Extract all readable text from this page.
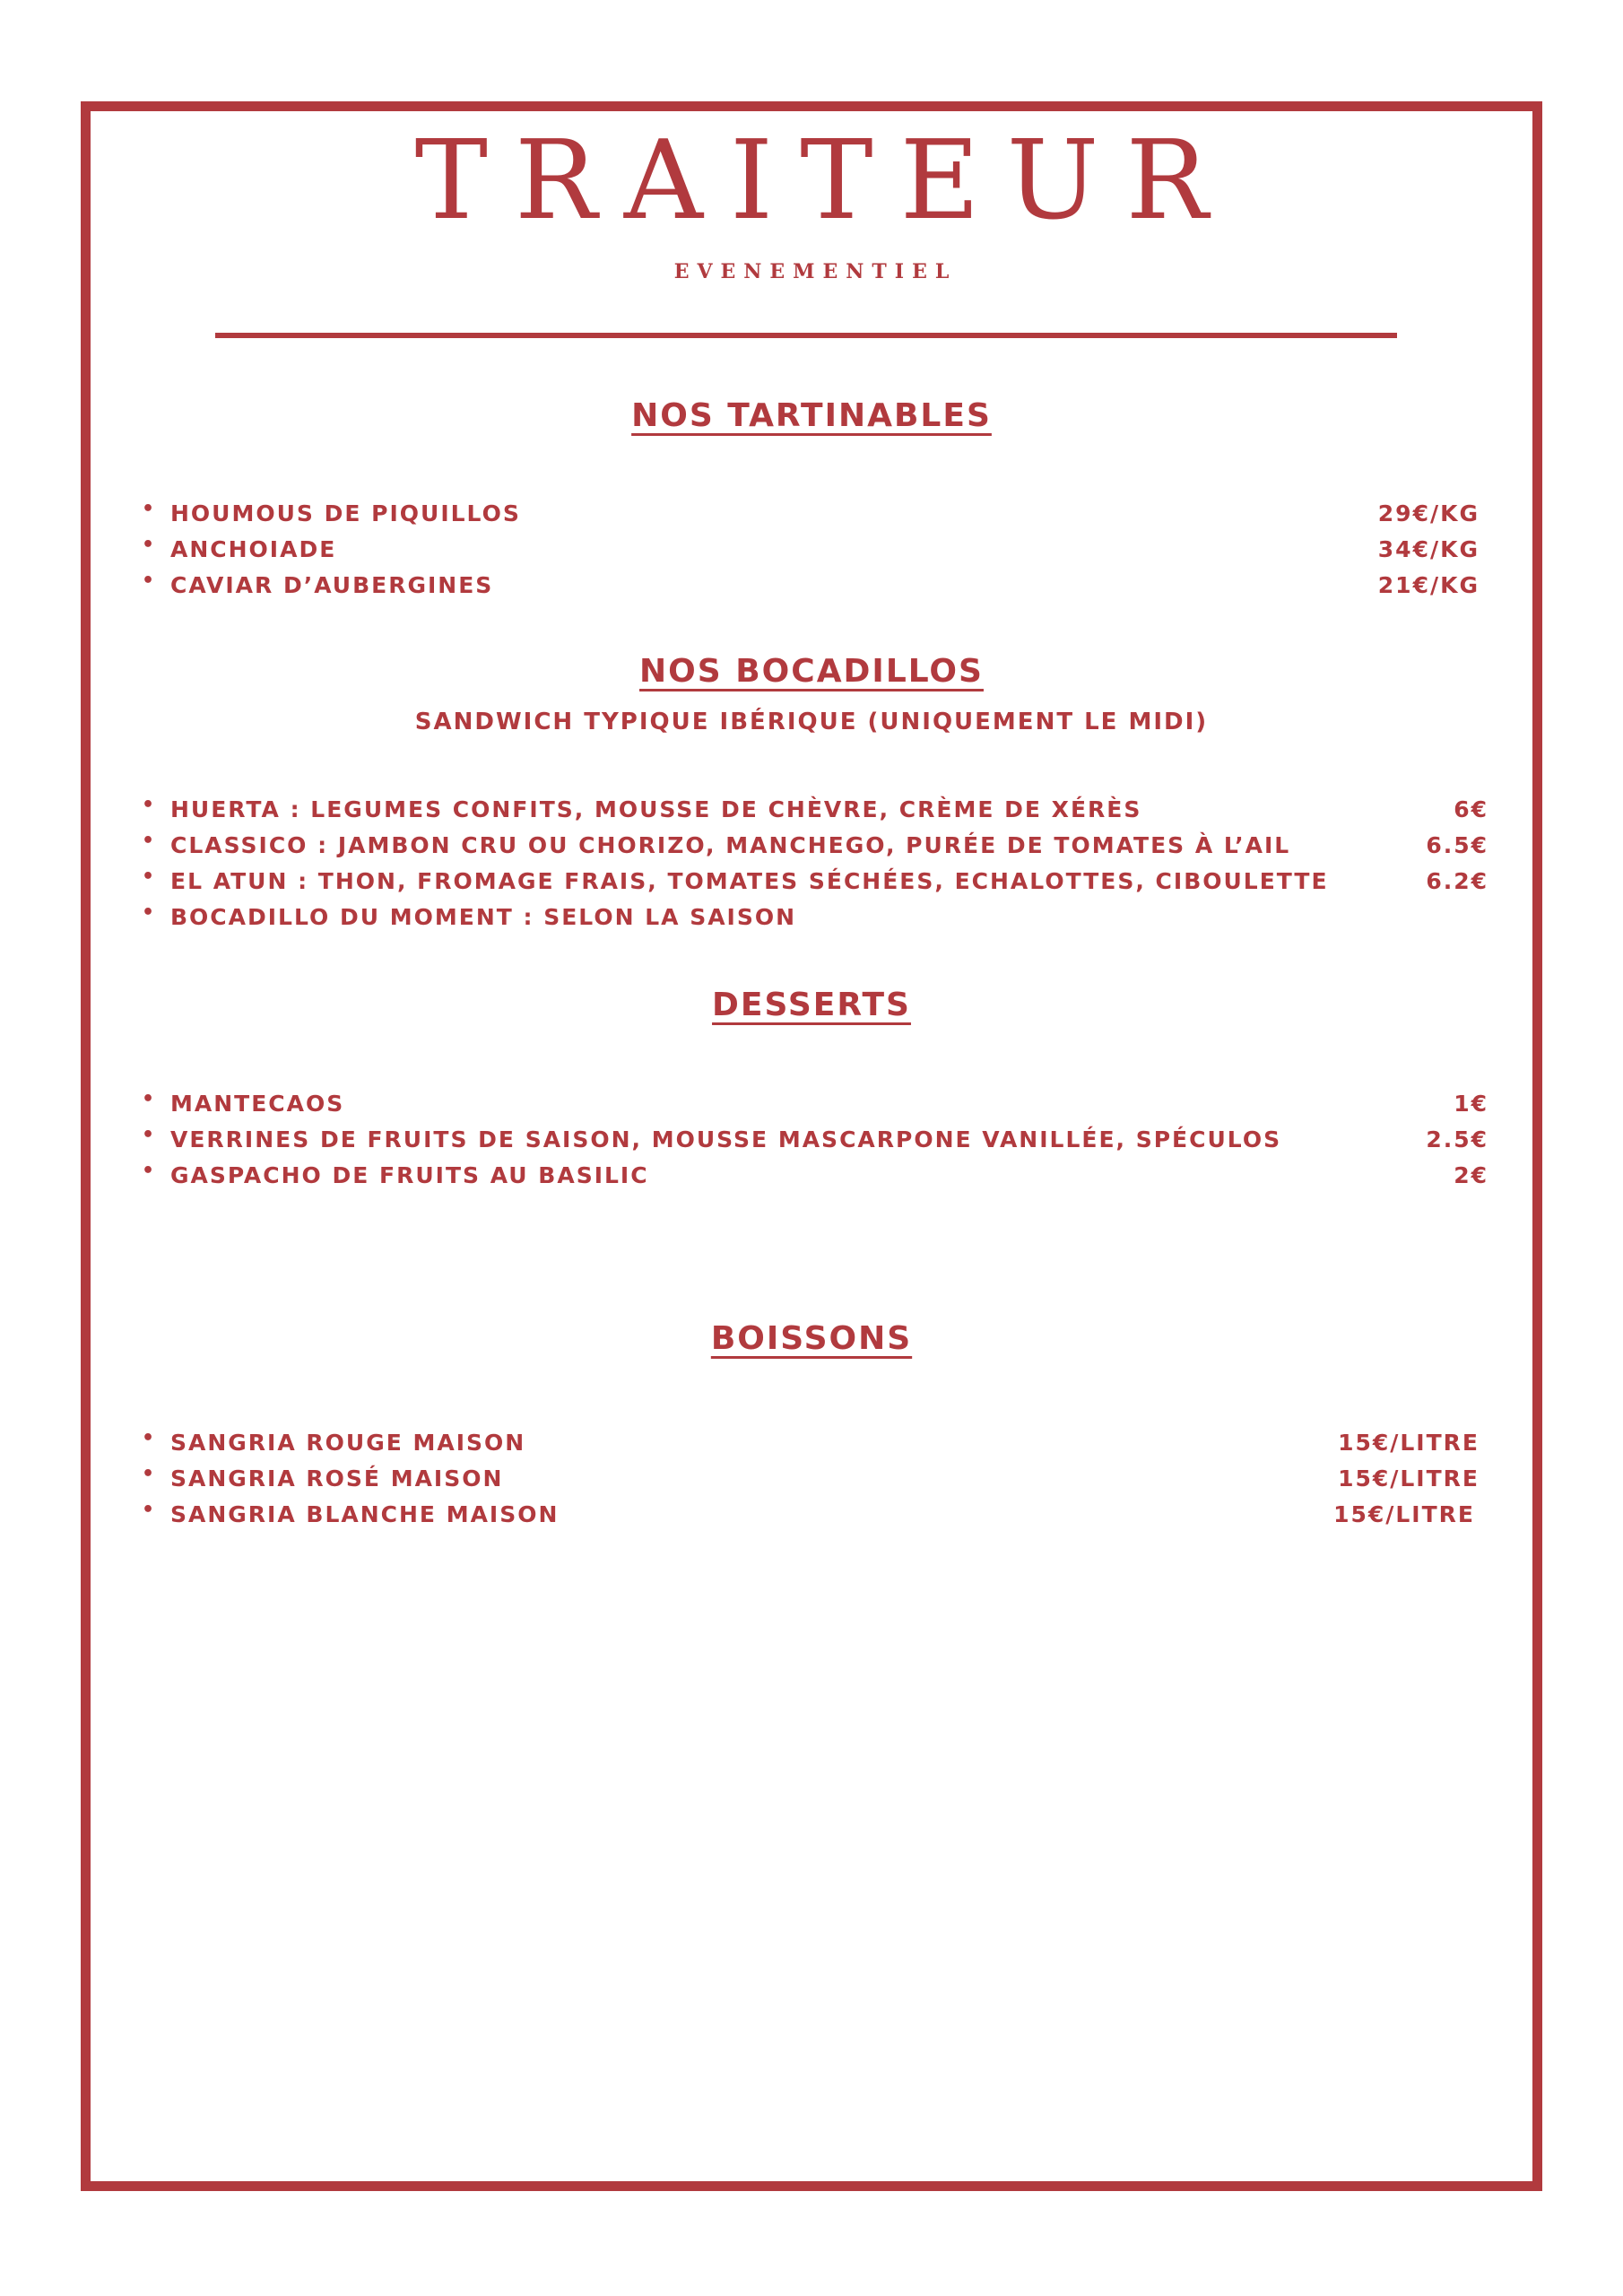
TRAITEUR
EVENEMENTIEL
NOS TARTINABLES
• HOUMOUS DE PIQUILLOS	29€/KG
• ANCHOIADE	34€/KG
• CAVIAR D’AUBERGINES	21€/KG
NOS BOCADILLOS
SANDWICH TYPIQUE IBÉRIQUE (UNIQUEMENT LE MIDI)
• HUERTA : LEGUMES CONFITS, MOUSSE DE CHÈVRE, CRÈME DE XÉRÈS	6€
• CLASSICO : JAMBON CRU OU CHORIZO, MANCHEGO, PURÉE DE TOMATES À L’AIL	6.5€
• EL ATUN : THON, FROMAGE FRAIS, TOMATES SÉCHÉES, ECHALOTTES, CIBOULETTE	6.2€
• BOCADILLO DU MOMENT : SELON LA SAISON
DESSERTS
• MANTECAOS	1€
• VERRINES DE FRUITS DE SAISON, MOUSSE MASCARPONE VANILLÉE, SPÉCULOS	2.5€
• GASPACHO DE FRUITS AU BASILIC	2€
BOISSONS
• SANGRIA ROUGE MAISON	15€/LITRE
• SANGRIA ROSÉ MAISON	15€/LITRE
• SANGRIA BLANCHE MAISON	15€/LITRE
